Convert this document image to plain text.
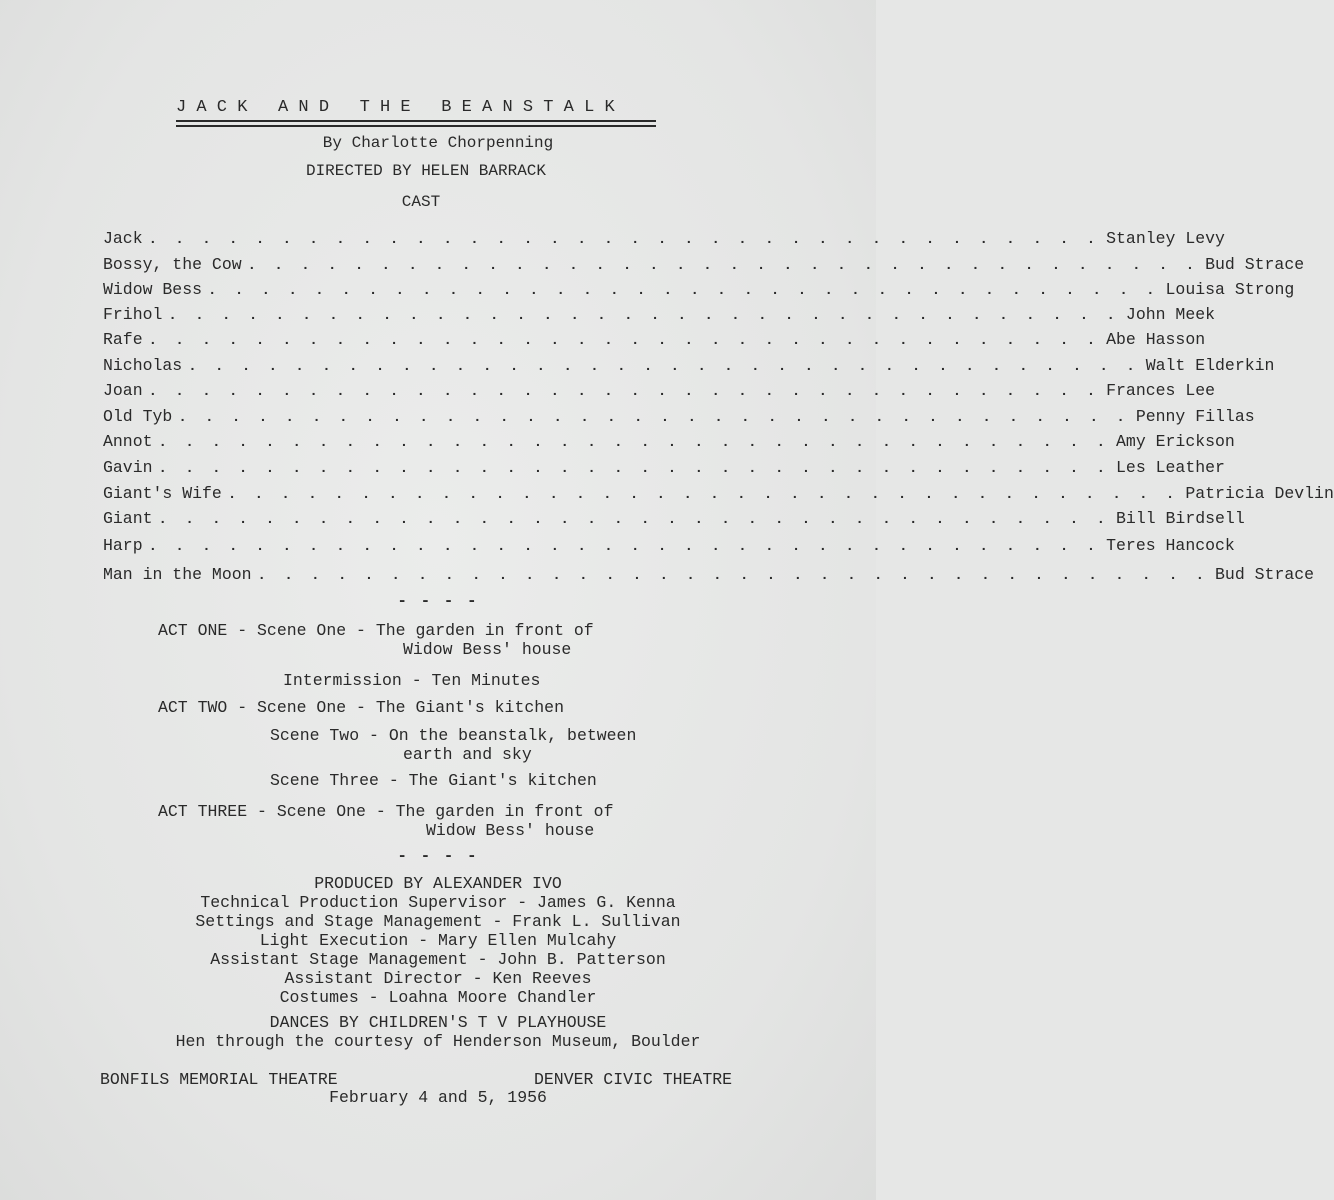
J A C K   A N D   T H E   B E A N S T A L K
By Charlotte Chorpenning
DIRECTED BY HELEN BARRACK
CAST
Jack . . . . . . . . . . . . . . . . . . . . . . . . . . . . . . . . . . . . Stanley Levy
Bossy, the Cow . . . . . . . . . . . . . . . . . . . . . . . . . . . . . . . . . . . . Bud Strace
Widow Bess . . . . . . . . . . . . . . . . . . . . . . . . . . . . . . . . . . . . Louisa Strong
Frihol . . . . . . . . . . . . . . . . . . . . . . . . . . . . . . . . . . . . John Meek
Rafe . . . . . . . . . . . . . . . . . . . . . . . . . . . . . . . . . . . . Abe Hasson
Nicholas . . . . . . . . . . . . . . . . . . . . . . . . . . . . . . . . . . . . Walt Elderkin
Joan . . . . . . . . . . . . . . . . . . . . . . . . . . . . . . . . . . . . Frances Lee
Old Tyb . . . . . . . . . . . . . . . . . . . . . . . . . . . . . . . . . . . . Penny Fillas
Annot . . . . . . . . . . . . . . . . . . . . . . . . . . . . . . . . . . . . Amy Erickson
Gavin . . . . . . . . . . . . . . . . . . . . . . . . . . . . . . . . . . . . Les Leather
Giant's Wife . . . . . . . . . . . . . . . . . . . . . . . . . . . . . . . . . . . . Patricia Devlin
Giant . . . . . . . . . . . . . . . . . . . . . . . . . . . . . . . . . . . . Bill Birdsell
Harp . . . . . . . . . . . . . . . . . . . . . . . . . . . . . . . . . . . . Teres Hancock
Man in the Moon . . . . . . . . . . . . . . . . . . . . . . . . . . . . . . . . . . . . Bud Strace
- - - -
ACT ONE - Scene One - The garden in front of
Widow Bess' house
Intermission - Ten Minutes
ACT TWO - Scene One - The Giant's kitchen
Scene Two - On the beanstalk, between
earth and sky
Scene Three - The Giant's kitchen
ACT THREE - Scene One - The garden in front of
Widow Bess' house
- - - -
PRODUCED BY ALEXANDER IVO
Technical Production Supervisor - James G. Kenna
Settings and Stage Management - Frank L. Sullivan
Light Execution - Mary Ellen Mulcahy
Assistant Stage Management - John B. Patterson
Assistant Director - Ken Reeves
Costumes - Loahna Moore Chandler
DANCES BY CHILDREN'S T V PLAYHOUSE
Hen through the courtesy of Henderson Museum, Boulder
BONFILS MEMORIAL THEATRE	DENVER CIVIC THEATRE
February 4 and 5, 1956
